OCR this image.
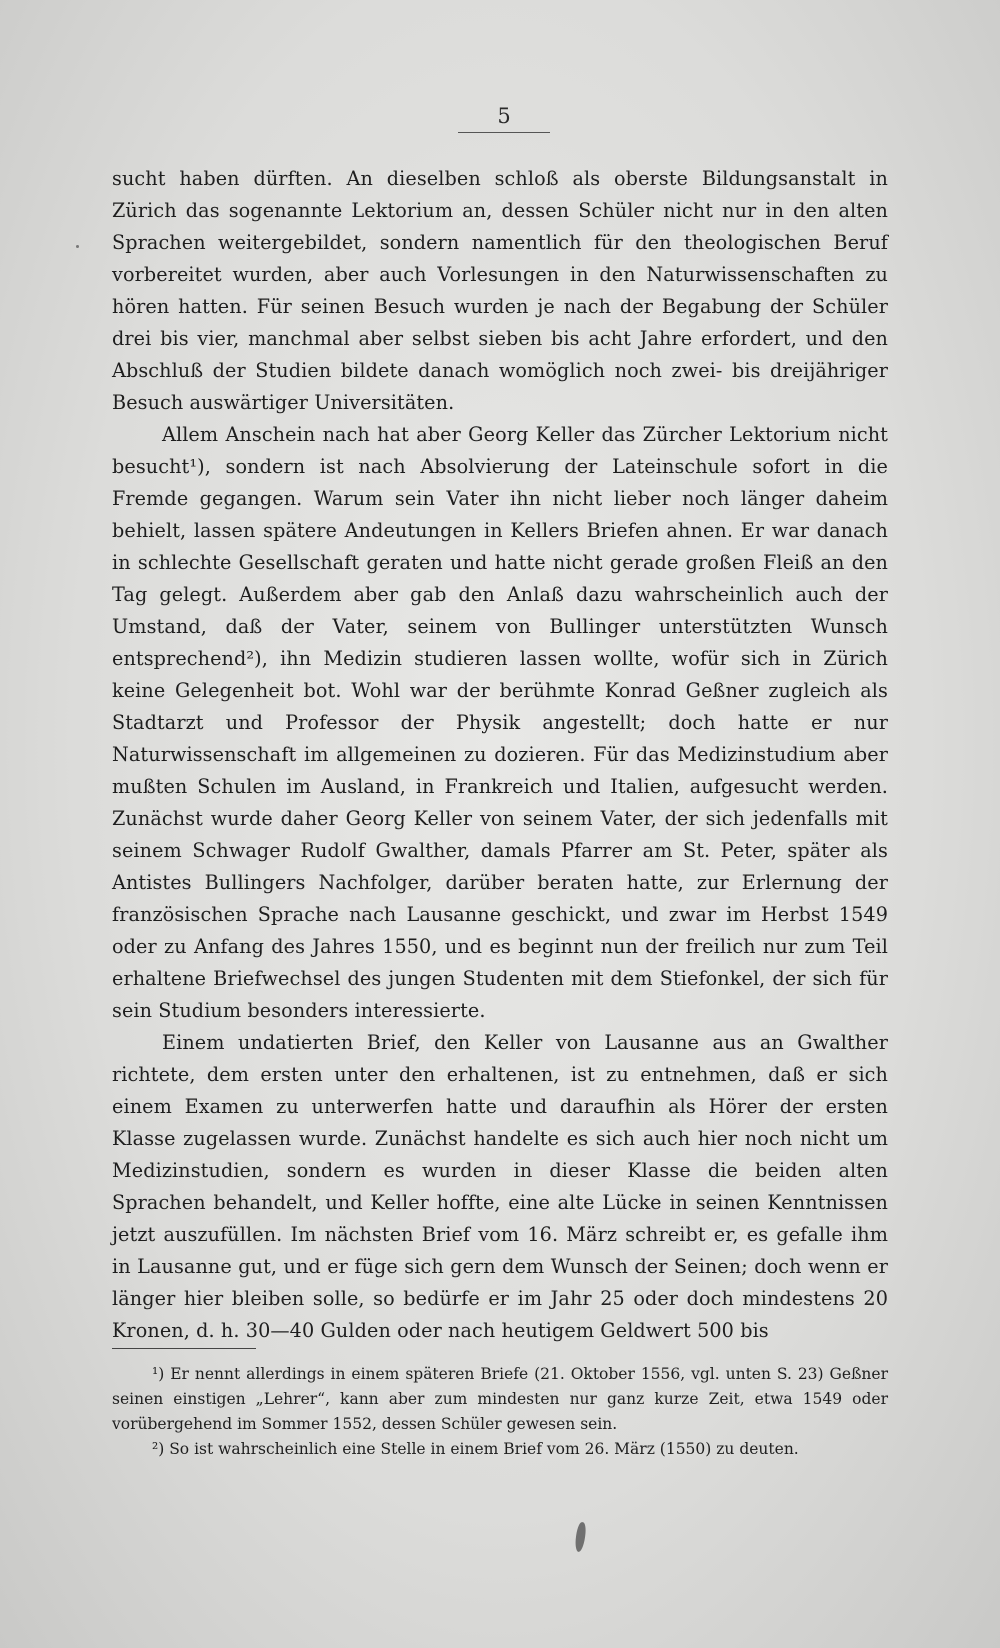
5

sucht haben dürften. An dieselben schloß als oberste Bildungsanstalt in Zürich das sogenannte Lektorium an, dessen Schüler nicht nur in den alten Sprachen weitergebildet, sondern namentlich für den theologischen Beruf vorbereitet wurden, aber auch Vorlesungen in den Naturwissenschaften zu hören hatten. Für seinen Besuch wurden je nach der Begabung der Schüler drei bis vier, manchmal aber selbst sieben bis acht Jahre erfordert, und den Abschluß der Studien bildete danach womöglich noch zwei- bis dreijähriger Besuch auswärtiger Universitäten.

Allem Anschein nach hat aber Georg Keller das Zürcher Lektorium nicht besucht¹), sondern ist nach Absolvierung der Lateinschule sofort in die Fremde gegangen. Warum sein Vater ihn nicht lieber noch länger daheim behielt, lassen spätere Andeutungen in Kellers Briefen ahnen. Er war danach in schlechte Gesellschaft geraten und hatte nicht gerade großen Fleiß an den Tag gelegt. Außerdem aber gab den Anlaß dazu wahrscheinlich auch der Umstand, daß der Vater, seinem von Bullinger unterstützten Wunsch entsprechend²), ihn Medizin studieren lassen wollte, wofür sich in Zürich keine Gelegenheit bot. Wohl war der berühmte Konrad Geßner zugleich als Stadtarzt und Professor der Physik angestellt; doch hatte er nur Naturwissenschaft im allgemeinen zu dozieren. Für das Medizinstudium aber mußten Schulen im Ausland, in Frankreich und Italien, aufgesucht werden. Zunächst wurde daher Georg Keller von seinem Vater, der sich jedenfalls mit seinem Schwager Rudolf Gwalther, damals Pfarrer am St. Peter, später als Antistes Bullingers Nachfolger, darüber beraten hatte, zur Erlernung der französischen Sprache nach Lausanne geschickt, und zwar im Herbst 1549 oder zu Anfang des Jahres 1550, und es beginnt nun der freilich nur zum Teil erhaltene Briefwechsel des jungen Studenten mit dem Stiefonkel, der sich für sein Studium besonders interessierte.

Einem undatierten Brief, den Keller von Lausanne aus an Gwalther richtete, dem ersten unter den erhaltenen, ist zu entnehmen, daß er sich einem Examen zu unterwerfen hatte und daraufhin als Hörer der ersten Klasse zugelassen wurde. Zunächst handelte es sich auch hier noch nicht um Medizinstudien, sondern es wurden in dieser Klasse die beiden alten Sprachen behandelt, und Keller hoffte, eine alte Lücke in seinen Kenntnissen jetzt auszufüllen. Im nächsten Brief vom 16. März schreibt er, es gefalle ihm in Lausanne gut, und er füge sich gern dem Wunsch der Seinen; doch wenn er länger hier bleiben solle, so bedürfe er im Jahr 25 oder doch mindestens 20 Kronen, d. h. 30—40 Gulden oder nach heutigem Geldwert 500 bis

¹) Er nennt allerdings in einem späteren Briefe (21. Oktober 1556, vgl. unten S. 23) Geßner seinen einstigen „Lehrer“, kann aber zum mindesten nur ganz kurze Zeit, etwa 1549 oder vorübergehend im Sommer 1552, dessen Schüler gewesen sein.

²) So ist wahrscheinlich eine Stelle in einem Brief vom 26. März (1550) zu deuten.
